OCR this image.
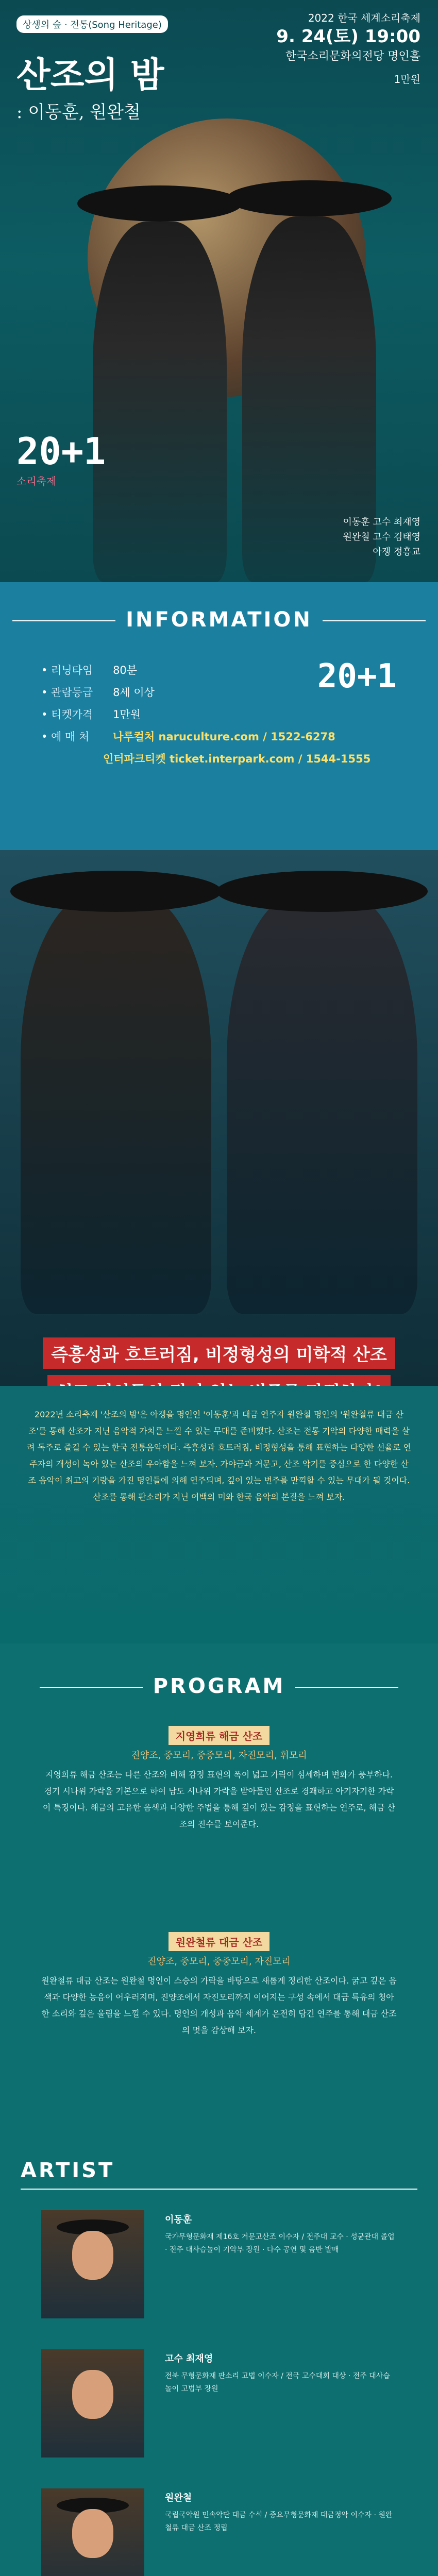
상생의 숲 · 전통(Song Heritage)
산조의 밤
: 이동훈, 원완철
2022 한국 세계소리축제
9. 24(토) 19:00
한국소리문화의전당 명인홀
1만원
20+1
소리축제
이동훈 고수 최재영
원완철 고수 김태영
아쟁 정흥교
INFORMATION
• 러닝타임 80분
• 관람등급 8세 이상
• 티켓가격 1만원
• 예 매 처 나루컬처 naruculture.com / 1522-6278
인터파크티켓 ticket.interpark.com / 1544-1555
20+1
즉흥성과 흐트러짐, 비정형성의 미학적 산조

2022년 소리축제 '산조의 밤'은 아쟁을 명인인 '이동훈'과 대금 연주자 원완철 명인의 '원완철류 대금 산조'를 통해 산조가 지닌 음악적 가치를 느낄 수 있는 무대를 준비했다. 산조는 전통 기악의 다양한 매력을 살려 독주로 즐길 수 있는 한국 전통음악이다. 즉흥성과 흐트러짐, 비정형성을 통해 표현하는 다양한 선율로 연주자의 개성이 녹아 있는 산조의 우아함을 느껴 보자. 가야금과 거문고, 산조 악기를 중심으로 한 다양한 산조 음악이 최고의 기량을 가진 명인들에 의해 연주되며, 깊이 있는 변주를 만끽할 수 있는 무대가 될 것이다. 산조를 통해 판소리가 지닌 여백의 미와 한국 음악의 본질을 느껴 보자.

PROGRAM
지영희류 해금 산조
진양조, 중모리, 중중모리, 자진모리, 휘모리
지영희류 해금 산조는 다른 산조와 비해 감정 표현의 폭이 넓고 가락이 섬세하며 변화가 풍부하다. 경기 시나위 가락을 기본으로 하여 남도 시나위 가락을 받아들인 산조로 경쾌하고 아기자기한 가락이 특징이다. 해금의 고유한 음색과 다양한 주법을 통해 깊이 있는 감정을 표현하는 연주로, 해금 산조의 진수를 보여준다.
원완철류 대금 산조
진양조, 중모리, 중중모리, 자진모리
원완철류 대금 산조는 원완철 명인이 스승의 가락을 바탕으로 새롭게 정리한 산조이다. 굵고 깊은 음색과 다양한 농음이 어우러지며, 진양조에서 자진모리까지 이어지는 구성 속에서 대금 특유의 청아한 소리와 깊은 울림을 느낄 수 있다. 명인의 개성과 음악 세계가 온전히 담긴 연주를 통해 대금 산조의 멋을 감상해 보자.
ARTIST
이동훈
국가무형문화재 제16호 거문고산조 이수자 / 전주대 교수 · 성균관대 졸업 · 전주 대사습놀이 기악부 장원 · 다수 공연 및 음반 발매
고수 최재영
전북 무형문화재 판소리 고법 이수자 / 전국 고수대회 대상 · 전주 대사습놀이 고법부 장원
원완철
국립국악원 민속악단 대금 수석 / 중요무형문화재 대금정악 이수자 · 원완철류 대금 산조 정립
